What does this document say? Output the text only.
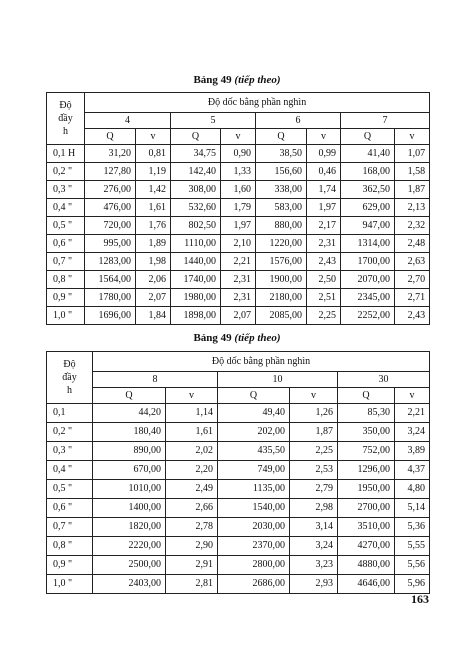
Bảng 49 (tiếp theo)
Độ
đầy
h	Độ dốc bằng phần nghìn							
	4		5		6		7	
	Q	v	Q	v	Q	v	Q	v
0,1 H	31,20	0,81	34,75	0,90	38,50	0,99	41,40	1,07
0,2 "	127,80	1,19	142,40	1,33	156,60	0,46	168,00	1,58
0,3 "	276,00	1,42	308,00	1,60	338,00	1,74	362,50	1,87
0,4 "	476,00	1,61	532,60	1,79	583,00	1,97	629,00	2,13
0,5 "	720,00	1,76	802,50	1,97	880,00	2,17	947,00	2,32
0,6 "	995,00	1,89	1110,00	2,10	1220,00	2,31	1314,00	2,48
0,7 "	1283,00	1,98	1440,00	2,21	1576,00	2,43	1700,00	2,63
0,8 "	1564,00	2,06	1740,00	2,31	1900,00	2,50	2070,00	2,70
0,9 "	1780,00	2,07	1980,00	2,31	2180,00	2,51	2345,00	2,71
1,0 "	1696,00	1,84	1898,00	2,07	2085,00	2,25	2252,00	2,43
Bảng 49 (tiếp theo)
Độ
đầy
h	Độ dốc bằng phần nghìn					
	8		10		30	
	Q	v	Q	v	Q	v
0,1	44,20	1,14	49,40	1,26	85,30	2,21
0,2 "	180,40	1,61	202,00	1,87	350,00	3,24
0,3 "	890,00	2,02	435,50	2,25	752,00	3,89
0,4 "	670,00	2,20	749,00	2,53	1296,00	4,37
0,5 "	1010,00	2,49	1135,00	2,79	1950,00	4,80
0,6 "	1400,00	2,66	1540,00	2,98	2700,00	5,14
0,7 "	1820,00	2,78	2030,00	3,14	3510,00	5,36
0,8 "	2220,00	2,90	2370,00	3,24	4270,00	5,55
0,9 "	2500,00	2,91	2800,00	3,23	4880,00	5,56
1,0 "	2403,00	2,81	2686,00	2,93	4646,00	5,96
163
